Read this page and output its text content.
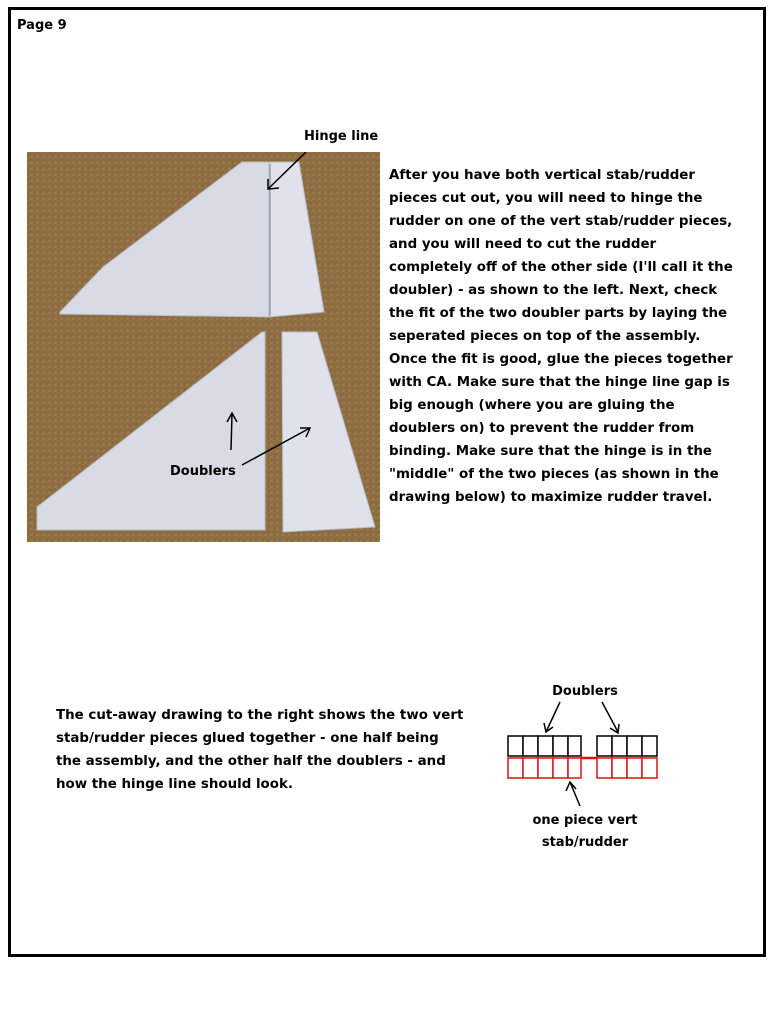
Page 9
Hinge line
Doublers
After you have both vertical stab/rudder pieces cut out, you will need to hinge the rudder on one of the vert stab/rudder pieces, and you will need to cut the rudder completely off of the other side (I'll call it the doubler) - as shown to the left. Next, check the fit of the two doubler parts by laying the seperated pieces on top of the assembly. Once the fit is good, glue the pieces together with CA. Make sure that the hinge line gap is big enough (where you are gluing the doublers on) to prevent the rudder from binding. Make sure that the hinge is in the "middle" of the two pieces (as shown in the drawing below) to maximize rudder travel.
The cut-away drawing to the right shows the two vert stab/rudder pieces glued together - one half being the assembly, and the other half the doublers - and how the hinge line should look.
Doublers
one piece vert
stab/rudder
